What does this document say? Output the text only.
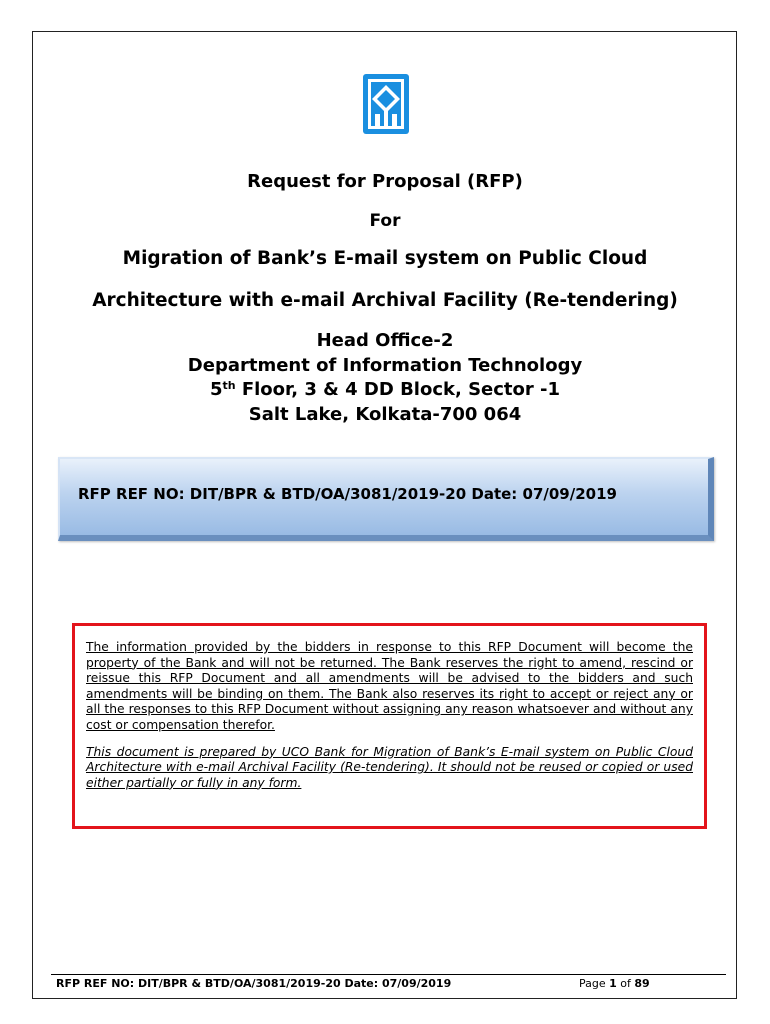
Request for Proposal (RFP)
For
Migration of Bank’s E-mail system on Public Cloud
Architecture with e-mail Archival Facility (Re-tendering)
Head Office-2
Department of Information Technology
5th Floor, 3 & 4 DD Block, Sector -1
Salt Lake, Kolkata-700 064
RFP REF NO: DIT/BPR & BTD/OA/3081/2019-20 Date: 07/09/2019

The information provided by the bidders in response to this RFP Document will become the property of the Bank and will not be returned. The Bank reserves the right to amend, rescind or reissue this RFP Document and all amendments will be advised to the bidders and such amendments will be binding on them. The Bank also reserves its right to accept or reject any or all the responses to this RFP Document without assigning any reason whatsoever and without any cost or compensation therefor.

This document is prepared by UCO Bank for Migration of Bank’s E-mail system on Public Cloud Architecture with e-mail Archival Facility (Re-tendering). It should not be reused or copied or used either partially or fully in any form.

RFP REF NO: DIT/BPR & BTD/OA/3081/2019-20 Date: 07/09/2019	Page 1 of 89
